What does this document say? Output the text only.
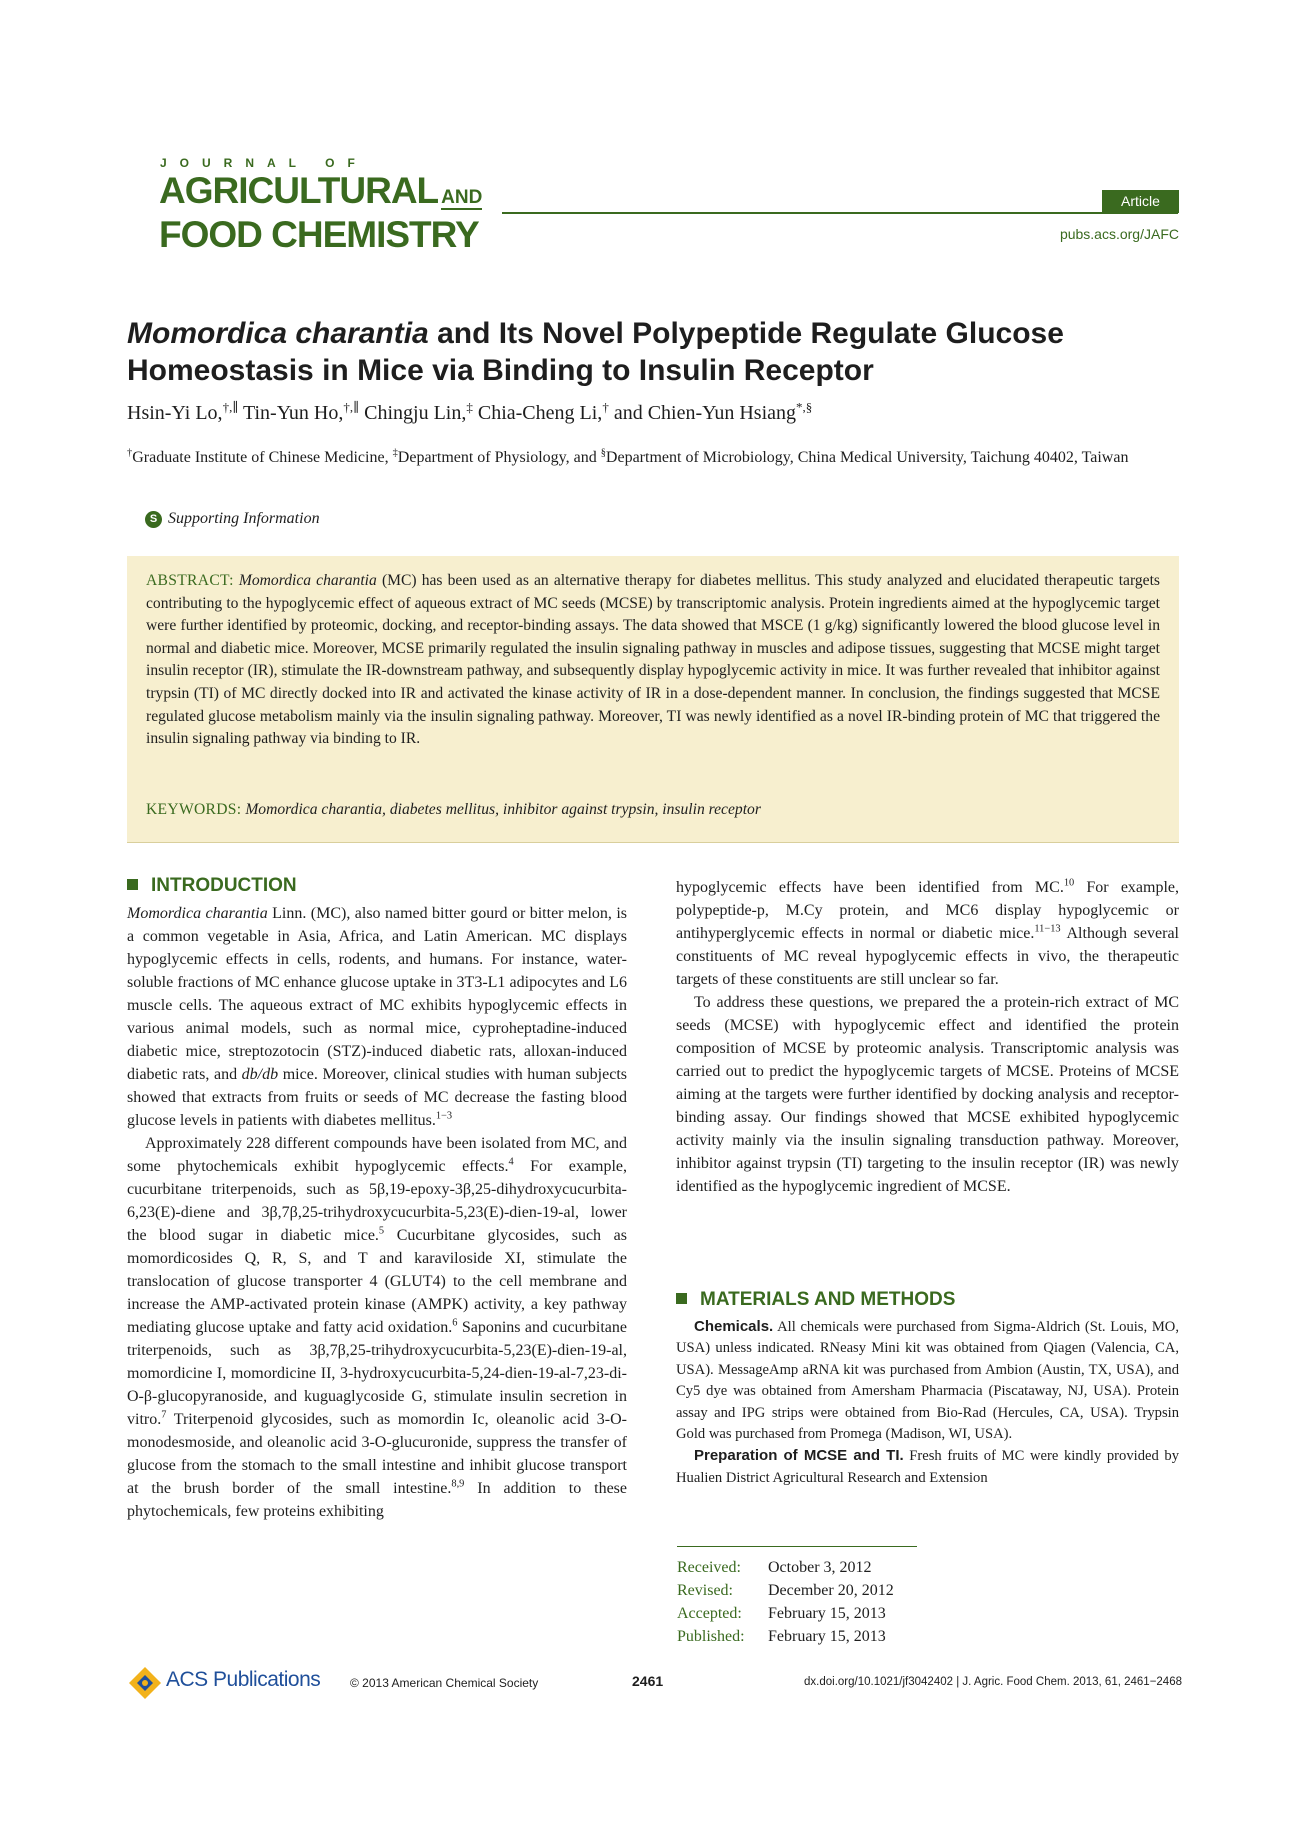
JOURNAL OF
AGRICULTURAL AND
FOOD CHEMISTRY
Article
pubs.acs.org/JAFC
Momordica charantia and Its Novel Polypeptide Regulate Glucose Homeostasis in Mice via Binding to Insulin Receptor
Hsin-Yi Lo,†,∥ Tin-Yun Ho,†,∥ Chingju Lin,‡ Chia-Cheng Li,† and Chien-Yun Hsiang*,§
†Graduate Institute of Chinese Medicine, ‡Department of Physiology, and §Department of Microbiology, China Medical University, Taichung 40402, Taiwan
S Supporting Information
ABSTRACT: Momordica charantia (MC) has been used as an alternative therapy for diabetes mellitus. This study analyzed and elucidated therapeutic targets contributing to the hypoglycemic effect of aqueous extract of MC seeds (MCSE) by transcriptomic analysis. Protein ingredients aimed at the hypoglycemic target were further identified by proteomic, docking, and receptor-binding assays. The data showed that MSCE (1 g/kg) significantly lowered the blood glucose level in normal and diabetic mice. Moreover, MCSE primarily regulated the insulin signaling pathway in muscles and adipose tissues, suggesting that MCSE might target insulin receptor (IR), stimulate the IR-downstream pathway, and subsequently display hypoglycemic activity in mice. It was further revealed that inhibitor against trypsin (TI) of MC directly docked into IR and activated the kinase activity of IR in a dose-dependent manner. In conclusion, the findings suggested that MCSE regulated glucose metabolism mainly via the insulin signaling pathway. Moreover, TI was newly identified as a novel IR-binding protein of MC that triggered the insulin signaling pathway via binding to IR.
KEYWORDS: Momordica charantia, diabetes mellitus, inhibitor against trypsin, insulin receptor
INTRODUCTION

Momordica charantia Linn. (MC), also named bitter gourd or bitter melon, is a common vegetable in Asia, Africa, and Latin American. MC displays hypoglycemic effects in cells, rodents, and humans. For instance, water-soluble fractions of MC enhance glucose uptake in 3T3-L1 adipocytes and L6 muscle cells. The aqueous extract of MC exhibits hypoglycemic effects in various animal models, such as normal mice, cyproheptadine-induced diabetic mice, streptozotocin (STZ)-induced diabetic rats, alloxan-induced diabetic rats, and db/db mice. Moreover, clinical studies with human subjects showed that extracts from fruits or seeds of MC decrease the fasting blood glucose levels in patients with diabetes mellitus.$^{1-3}$

Approximately 228 different compounds have been isolated from MC, and some phytochemicals exhibit hypoglycemic effects.$^4$ For example, cucurbitane triterpenoids, such as 5β,19-epoxy-3β,25-dihydroxycucurbita-6,23(E)-diene and 3β,7β,25-trihydroxycucurbita-5,23(E)-dien-19-al, lower the blood sugar in diabetic mice.$^5$ Cucurbitane glycosides, such as momordicosides Q, R, S, and T and karaviloside XI, stimulate the translocation of glucose transporter 4 (GLUT4) to the cell membrane and increase the AMP-activated protein kinase (AMPK) activity, a key pathway mediating glucose uptake and fatty acid oxidation.$^6$ Saponins and cucurbitane triterpenoids, such as 3β,7β,25-trihydroxycucurbita-5,23(E)-dien-19-al, momordicine I, momordicine II, 3-hydroxycucurbita-5,24-dien-19-al-7,23-di-O-β-glucopyranoside, and kuguaglycoside G, stimulate insulin secretion in vitro.$^7$ Triterpenoid glycosides, such as momordin Ic, oleanolic acid 3-O-monodesmoside, and oleanolic acid 3-O-glucuronide, suppress the transfer of glucose from the stomach to the small intestine and inhibit glucose transport at the brush border of the small intestine.$^{8,9}$ In addition to these phytochemicals, few proteins exhibiting

hypoglycemic effects have been identified from MC.$^{10}$ For example, polypeptide-p, M.Cy protein, and MC6 display hypoglycemic or antihyperglycemic effects in normal or diabetic mice.$^{11-13}$ Although several constituents of MC reveal hypoglycemic effects in vivo, the therapeutic targets of these constituents are still unclear so far.

To address these questions, we prepared the a protein-rich extract of MC seeds (MCSE) with hypoglycemic effect and identified the protein composition of MCSE by proteomic analysis. Transcriptomic analysis was carried out to predict the hypoglycemic targets of MCSE. Proteins of MCSE aiming at the targets were further identified by docking analysis and receptor-binding assay. Our findings showed that MCSE exhibited hypoglycemic activity mainly via the insulin signaling transduction pathway. Moreover, inhibitor against trypsin (TI) targeting to the insulin receptor (IR) was newly identified as the hypoglycemic ingredient of MCSE.

MATERIALS AND METHODS

Chemicals. All chemicals were purchased from Sigma-Aldrich (St. Louis, MO, USA) unless indicated. RNeasy Mini kit was obtained from Qiagen (Valencia, CA, USA). MessageAmp aRNA kit was purchased from Ambion (Austin, TX, USA), and Cy5 dye was obtained from Amersham Pharmacia (Piscataway, NJ, USA). Protein assay and IPG strips were obtained from Bio-Rad (Hercules, CA, USA). Trypsin Gold was purchased from Promega (Madison, WI, USA).

Preparation of MCSE and TI. Fresh fruits of MC were kindly provided by Hualien District Agricultural Research and Extension

Received: October 3, 2012
Revised: December 20, 2012
Accepted: February 15, 2013
Published: February 15, 2013
ACS Publications © 2013 American Chemical Society	2461	dx.doi.org/10.1021/jf3042402 | J. Agric. Food Chem. 2013, 61, 2461−2468
